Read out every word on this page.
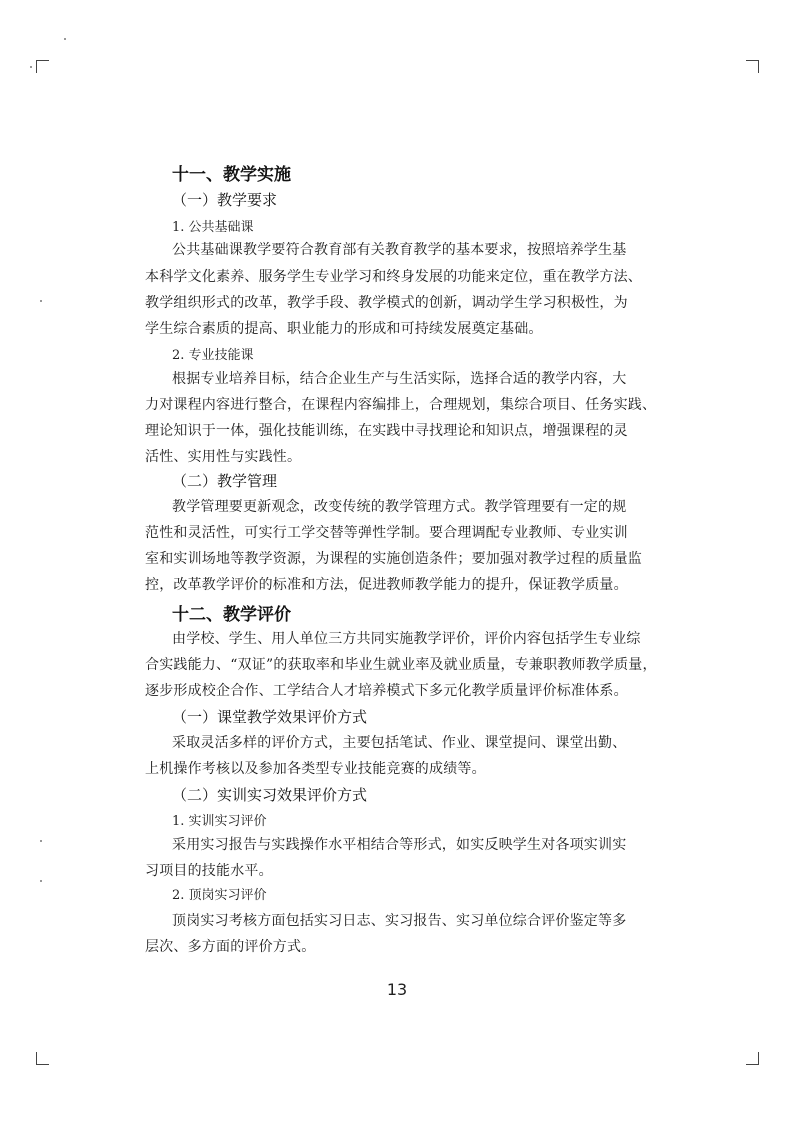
十一、教学实施
（一）教学要求
1. 公共基础课
公共基础课教学要符合教育部有关教育教学的基本要求，按照培养学生基
本科学文化素养、服务学生专业学习和终身发展的功能来定位，重在教学方法、
教学组织形式的改革，教学手段、教学模式的创新，调动学生学习积极性，为
学生综合素质的提高、职业能力的形成和可持续发展奠定基础。
2. 专业技能课
根据专业培养目标，结合企业生产与生活实际，选择合适的教学内容，大
力对课程内容进行整合，在课程内容编排上，合理规划，集综合项目、任务实践、
理论知识于一体，强化技能训练，在实践中寻找理论和知识点，增强课程的灵
活性、实用性与实践性。
（二）教学管理
教学管理要更新观念，改变传统的教学管理方式。教学管理要有一定的规
范性和灵活性，可实行工学交替等弹性学制。要合理调配专业教师、专业实训
室和实训场地等教学资源，为课程的实施创造条件；要加强对教学过程的质量监
控，改革教学评价的标准和方法，促进教师教学能力的提升，保证教学质量。
十二、教学评价
由学校、学生、用人单位三方共同实施教学评价，评价内容包括学生专业综
合实践能力、“双证”的获取率和毕业生就业率及就业质量，专兼职教师教学质量，
逐步形成校企合作、工学结合人才培养模式下多元化教学质量评价标准体系。
（一）课堂教学效果评价方式
采取灵活多样的评价方式，主要包括笔试、作业、课堂提问、课堂出勤、
上机操作考核以及参加各类型专业技能竞赛的成绩等。
（二）实训实习效果评价方式
1. 实训实习评价
采用实习报告与实践操作水平相结合等形式，如实反映学生对各项实训实
习项目的技能水平。
2. 顶岗实习评价
顶岗实习考核方面包括实习日志、实习报告、实习单位综合评价鉴定等多
层次、多方面的评价方式。
13
